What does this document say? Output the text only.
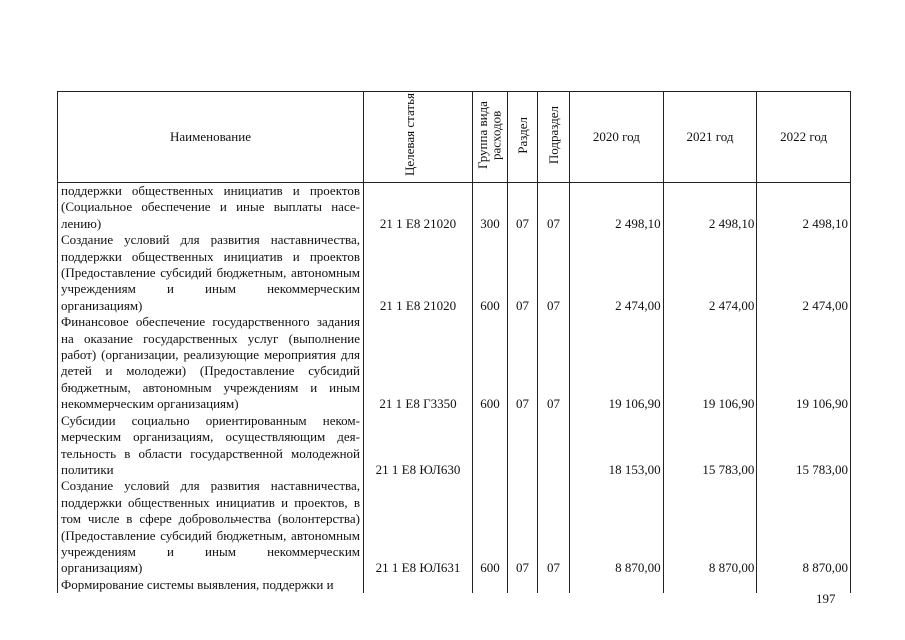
Наименование	Целевая статья	Группа вида расходов	Раздел	Подраздел	2020 год	2021 год	2022 год
поддержки общественных инициатив и проектов (Социальное обеспечение и иные выплаты населению)	21 1 Е8 21020	300	07	07	2 498,10	2 498,10	2 498,10
Создание условий для развития наставничества, поддержки общественных инициатив и проектов (Предоставление субсидий бюджетным, автономным учреждениям и иным некоммерческим организациям)	21 1 Е8 21020	600	07	07	2 474,00	2 474,00	2 474,00
Финансовое обеспечение государственного задания на оказание государственных услуг (выполнение работ) (организации, реализующие мероприятия для детей и молодежи) (Предоставление субсидий бюджетным, автономным учреждениям и иным некоммерческим организациям)	21 1 Е8 Г3350	600	07	07	19 106,90	19 106,90	19 106,90
Субсидии социально ориентированным некоммерческим организациям, осуществляющим деятельность в области государственной молодежной политики	21 1 Е8 ЮЛ630				18 153,00	15 783,00	15 783,00
Создание условий для развития наставничества, поддержки общественных инициатив и проектов, в том числе в сфере добровольчества (волонтерства) (Предоставление субсидий бюджетным, автономным учреждениям и иным некоммерческим организациям)	21 1 Е8 ЮЛ631	600	07	07	8 870,00	8 870,00	8 870,00
Формирование системы выявления, поддержки и							
197
